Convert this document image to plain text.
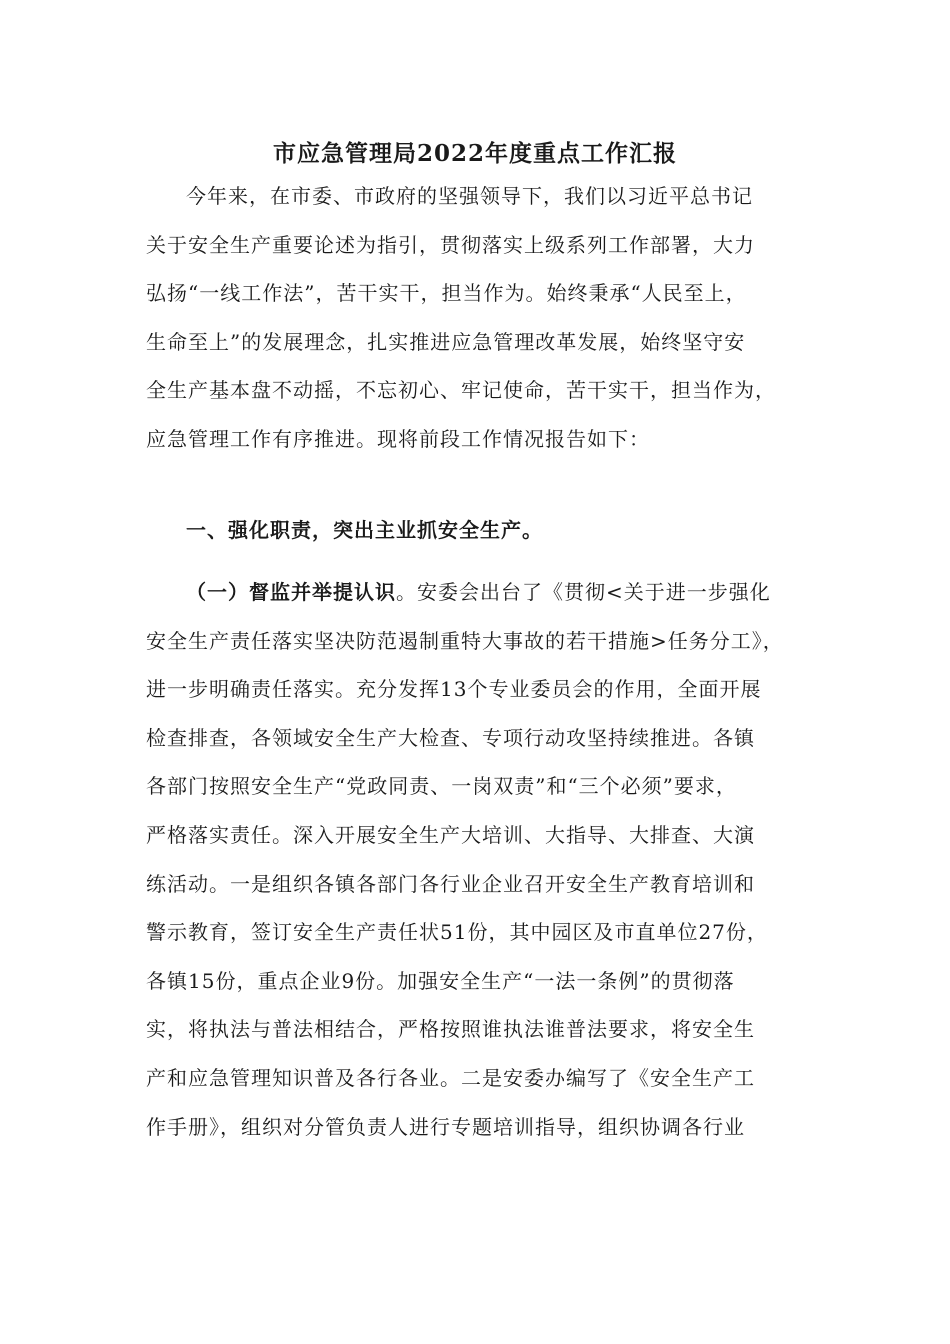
市应急管理局2022年度重点工作汇报
今年来，在市委、市政府的坚强领导下，我们以习近平总书记
关于安全生产重要论述为指引，贯彻落实上级系列工作部署，大力
弘扬“一线工作法”，苦干实干，担当作为。始终秉承“人民至上，
生命至上”的发展理念，扎实推进应急管理改革发展，始终坚守安
全生产基本盘不动摇，不忘初心、牢记使命，苦干实干，担当作为，
应急管理工作有序推进。现将前段工作情况报告如下：
一、强化职责，突出主业抓安全生产。
（一）督监并举提认识。安委会出台了《贯彻<关于进一步强化
安全生产责任落实坚决防范遏制重特大事故的若干措施>任务分工》，
进一步明确责任落实。充分发挥13个专业委员会的作用，全面开展
检查排查，各领域安全生产大检查、专项行动攻坚持续推进。各镇
各部门按照安全生产“党政同责、一岗双责”和“三个必须”要求，
严格落实责任。深入开展安全生产大培训、大指导、大排查、大演
练活动。一是组织各镇各部门各行业企业召开安全生产教育培训和
警示教育，签订安全生产责任状51份，其中园区及市直单位27份，
各镇15份，重点企业9份。加强安全生产“一法一条例”的贯彻落
实，将执法与普法相结合，严格按照谁执法谁普法要求，将安全生
产和应急管理知识普及各行各业。二是安委办编写了《安全生产工
作手册》，组织对分管负责人进行专题培训指导，组织协调各行业
